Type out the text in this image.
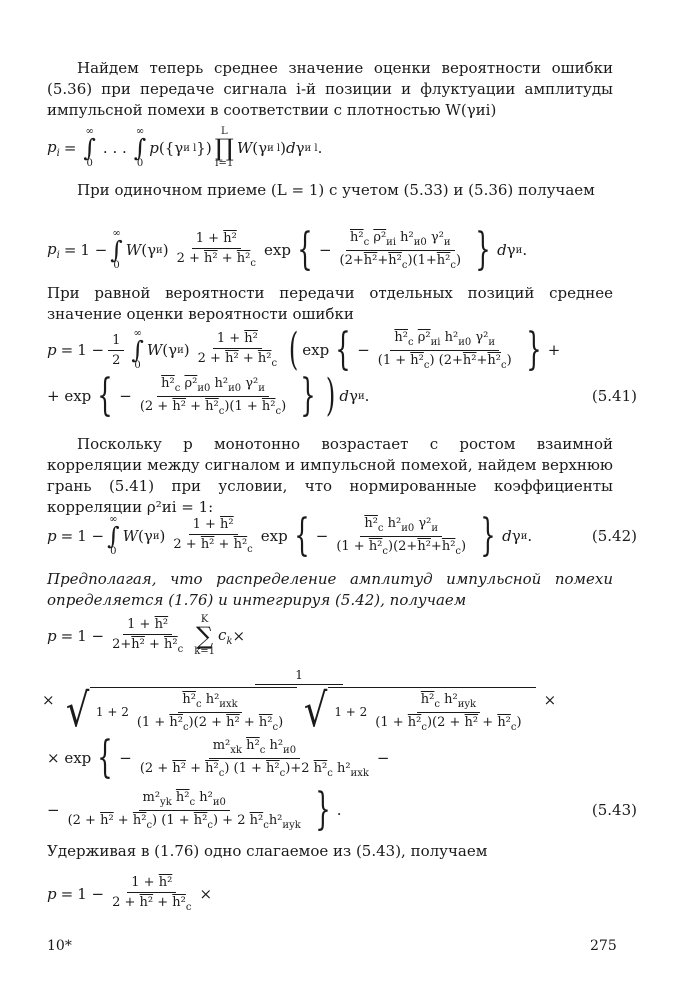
Найдем теперь среднее значение оценки вероятности ошибки (5.36) при передаче сигнала i-й позиции и флуктуации амплитуды импульсной помехи в соответствии с плотностью W(γиi)
$p_i$ =
∞
∫
0
. . .
∞
∫
0
p ({γ и l })
L
∏
l=1
W (γ и l ) d γ и l .
При одиночном приеме (L = 1) с учетом (5.33) и (5.36) получаем
$p_i = 1$ −
∞
∫
0
W (γ и ) $\frac{\text{1 + h²}}{2 + h^2 + h^2_с}$ exp { − $\frac{h^2_с \rho^2_{иi} h^2_{и0} \gamma^2_и}{(2+h^2+h^2_с)(1+h^2_с)}$ } d γ и .
При равной вероятности передачи отдельных позиций среднее значение оценки вероятности ошибки
$p = 1 - \frac{1}{2}$ ∞
∫
0
W (γ и ) $\frac{\text{1 + h²}}{2 + h^2 + h^2_с}$ ( exp { − $\frac{h^2_с \rho^2_{иi} h^2_{и0} \gamma^2_и}{(1 + h^2_с) (2+h^2+h^2_с)}$ } +
+ exp { − $\frac{h^2_с \rho^2_{и0} h^2_{и0} \gamma^2_и}{(2 + h^2 + h^2_с)(1 + h^2_с)}$ } ) d γ и .	(5.41)
Поскольку p монотонно возрастает с ростом взаимной корреляции между сигналом и импульсной помехой, найдем верхнюю грань (5.41) при условии, что нормированные коэффициенты корреляции ρ²иi = 1:
p = 1 −
∞
∫
0
W (γ и ) $\frac{\text{1 + h²}}{2 + h^2 + h^2_с}$ exp { − $\frac{h^2_с h^2_{и0} \gamma^2_и}{(1 + h^2_с)(2+h^2+h^2_с)}$ } d γ и .	(5.42)
Предполагая, что распределение амплитуд импульсной помехи определяется (1.76) и интегрируя (5.42), получаем
$p = 1 - \frac{\text{1 + h²}}{2+h^2 + h^2_с}$ K
∑
k=1
$c_k$ ×
×
1
√ $1 + 2 \frac{h^2_с h^2_{иxk}}{(1 + h^2_с)(2 + h^2 + h^2_с)}$
√ $1 + 2 \frac{h^2_с h^2_{иyk}}{(1 + h^2_с)(2 + h^2 + h^2_с)}$ ×
× exp { − $\frac{m^2_{xk} h^2_с h^2_{и0}}{(2 + h^2 + h^2_с) (1 + h^2_с)+2 h^2_с h^2_{иxk}}$ −
− $\frac{m^2_{yk} h^2_с h^2_{и0}}{(2 + h^2 + h^2_с) (1 + h^2_с) + 2 h^2_сh^2_{иyk}}$ } .	(5.43)
Удерживая в (1.76) одно слагаемое из (5.43), получаем
$p = 1 - \frac{\text{1 + h²}}{2 + h^2 + h^2_с}$ ×
10*	275
